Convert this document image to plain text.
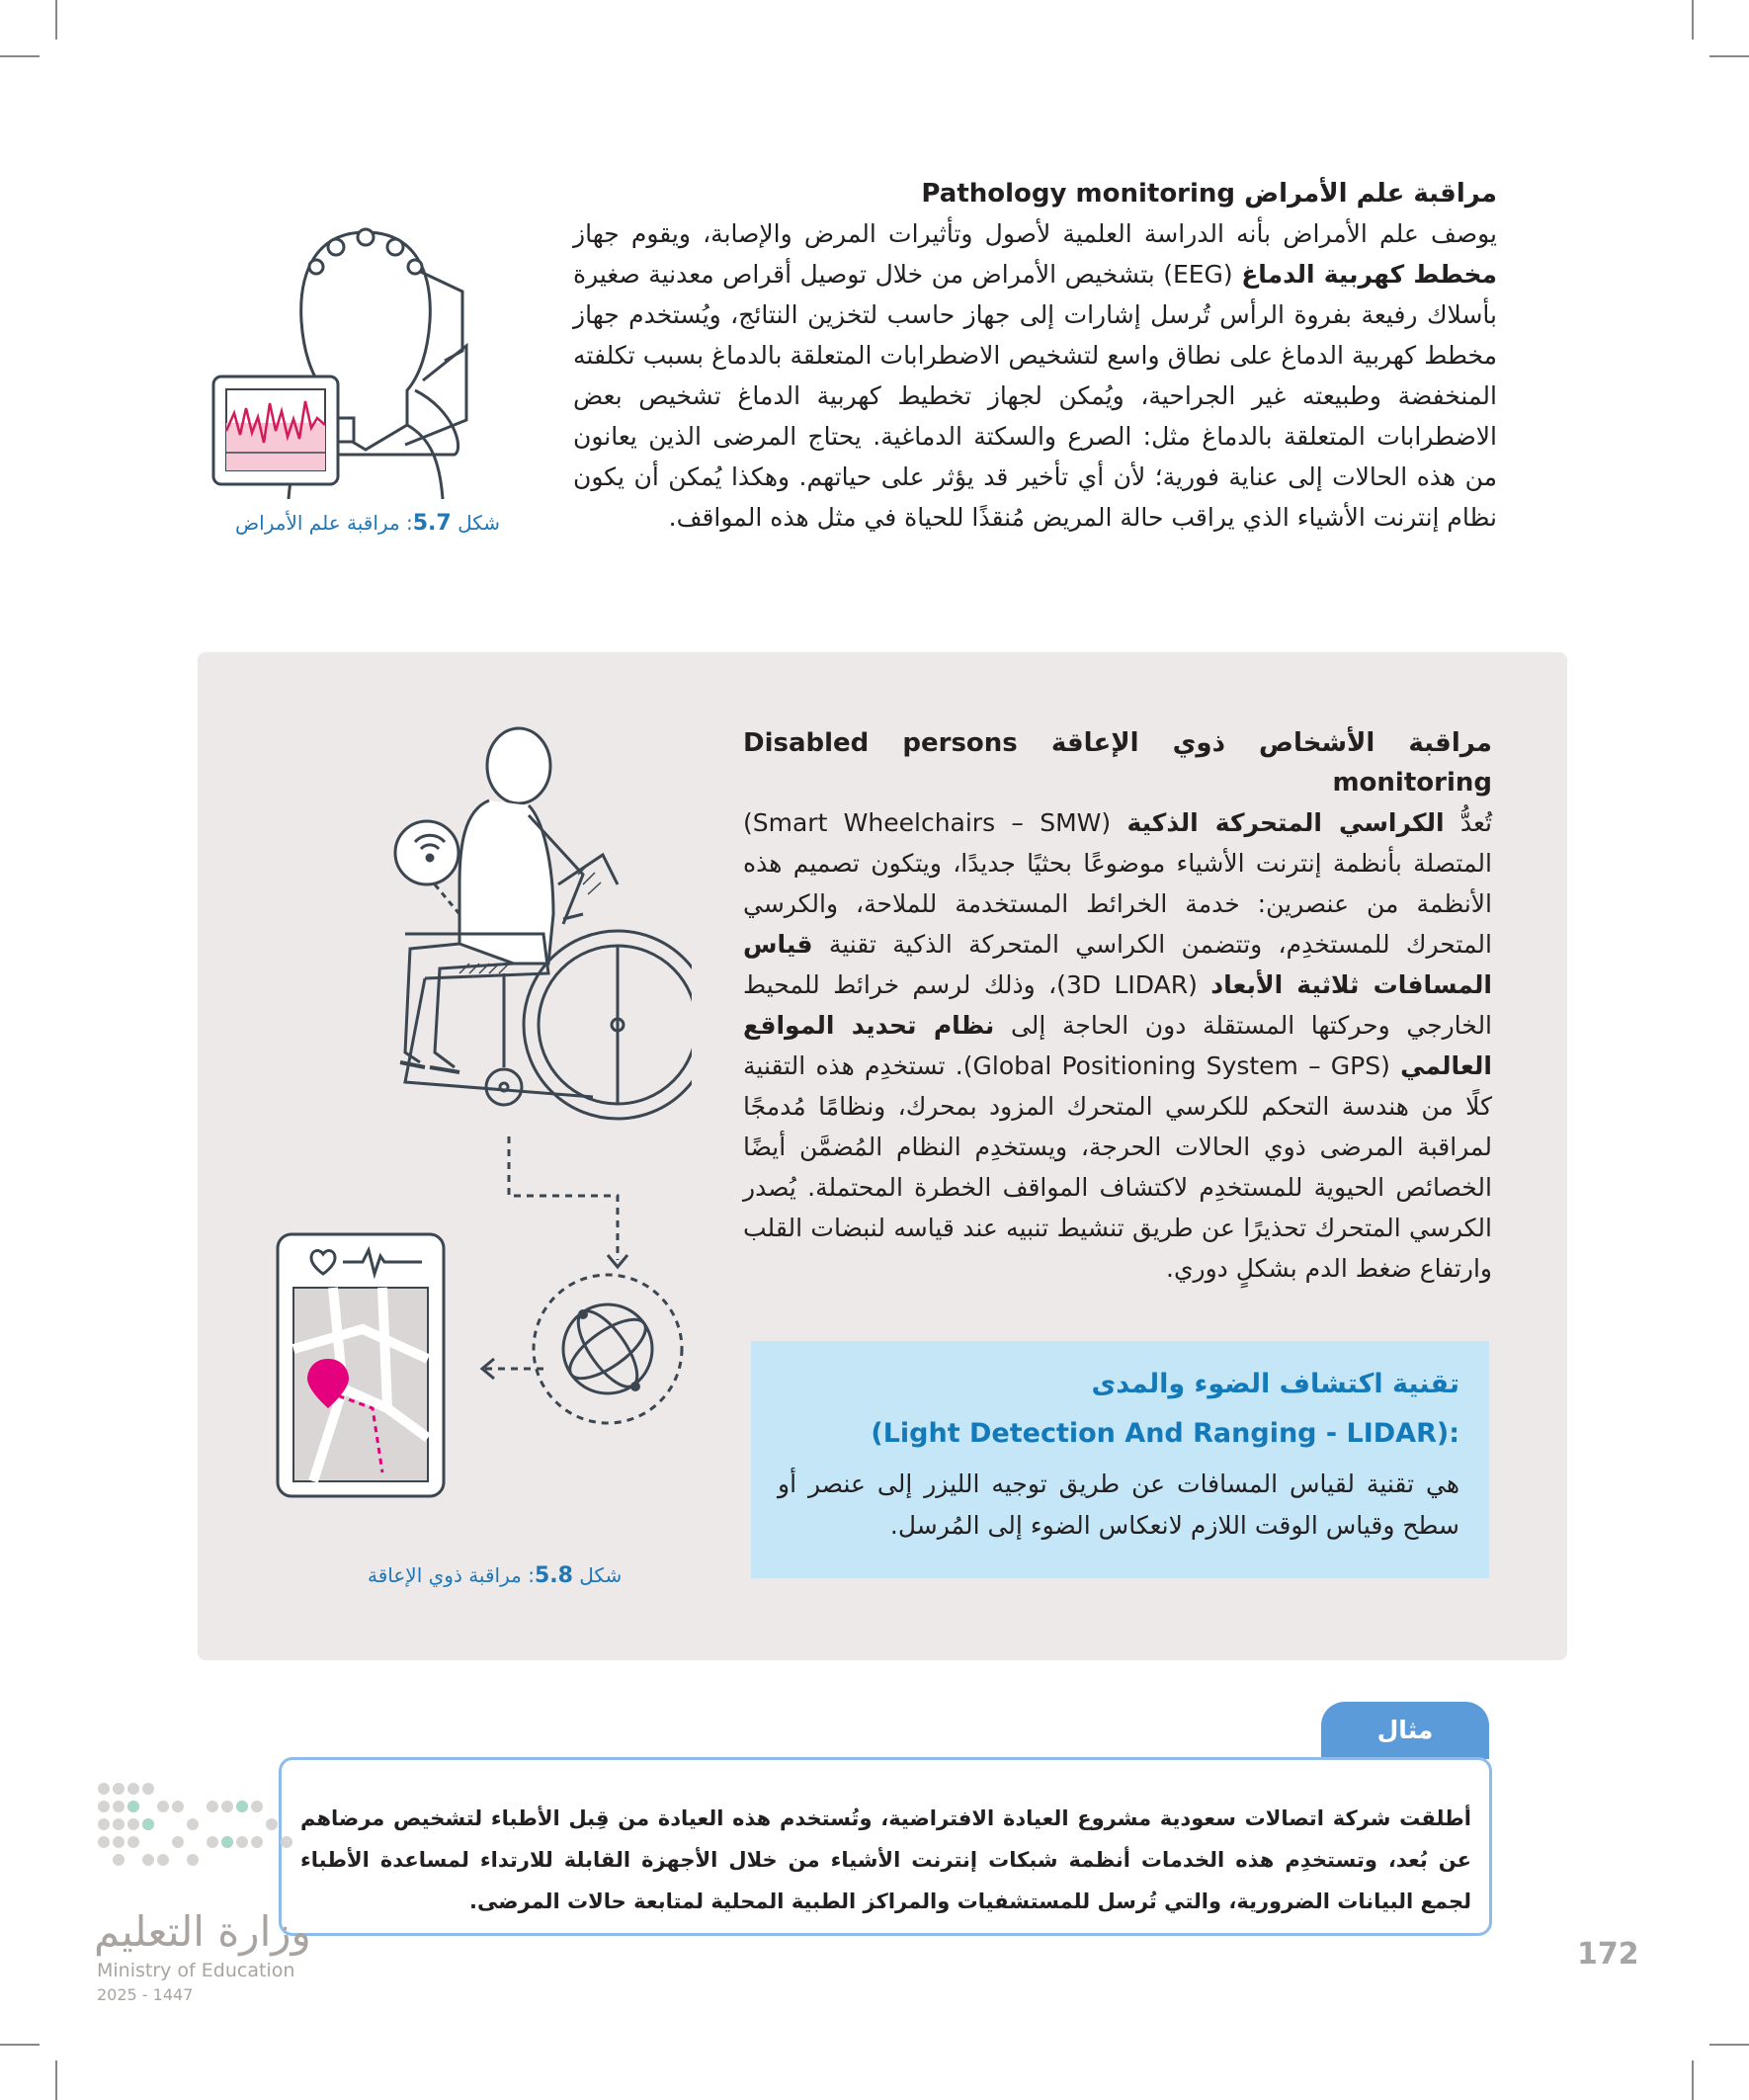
مراقبة علم الأمراض Pathology monitoring
يوصف علم الأمراض بأنه الدراسة العلمية لأصول وتأثيرات المرض والإصابة، ويقوم جهاز مخطط كهربية الدماغ (EEG) بتشخيص الأمراض من خلال توصيل أقراص معدنية صغيرة بأسلاك رفيعة بفروة الرأس تُرسل إشارات إلى جهاز حاسب لتخزين النتائج، ويُستخدم جهاز مخطط كهربية الدماغ على نطاق واسع لتشخيص الاضطرابات المتعلقة بالدماغ بسبب تكلفته المنخفضة وطبيعته غير الجراحية، ويُمكن لجهاز تخطيط كهربية الدماغ تشخيص بعض الاضطرابات المتعلقة بالدماغ مثل: الصرع والسكتة الدماغية. يحتاج المرضى الذين يعانون من هذه الحالات إلى عناية فورية؛ لأن أي تأخير قد يؤثر على حياتهم. وهكذا يُمكن أن يكون نظام إنترنت الأشياء الذي يراقب حالة المريض مُنقذًا للحياة في مثل هذه المواقف.
شكل 5.7: مراقبة علم الأمراض
مراقبة الأشخاص ذوي الإعاقة Disabled persons monitoring
تُعدُّ الكراسي المتحركة الذكية (Smart Wheelchairs – SMW) المتصلة بأنظمة إنترنت الأشياء موضوعًا بحثيًا جديدًا، ويتكون تصميم هذه الأنظمة من عنصرين: خدمة الخرائط المستخدمة للملاحة، والكرسي المتحرك للمستخدِم، وتتضمن الكراسي المتحركة الذكية تقنية قياس المسافات ثلاثية الأبعاد (3D LIDAR)، وذلك لرسم خرائط للمحيط الخارجي وحركتها المستقلة دون الحاجة إلى نظام تحديد المواقع العالمي (Global Positioning System – GPS). تستخدِم هذه التقنية كلًا من هندسة التحكم للكرسي المتحرك المزود بمحرك، ونظامًا مُدمجًا لمراقبة المرضى ذوي الحالات الحرجة، ويستخدِم النظام المُضمَّن أيضًا الخصائص الحيوية للمستخدِم لاكتشاف المواقف الخطرة المحتملة. يُصدر الكرسي المتحرك تحذيرًا عن طريق تنشيط تنبيه عند قياسه لنبضات القلب وارتفاع ضغط الدم بشكلٍ دوري.
شكل 5.8: مراقبة ذوي الإعاقة
تقنية اكتشاف الضوء والمدى
(Light Detection And Ranging - LIDAR):
هي تقنية لقياس المسافات عن طريق توجيه الليزر إلى عنصر أو سطح وقياس الوقت اللازم لانعكاس الضوء إلى المُرسل.
مثال
أطلقت شركة اتصالات سعودية مشروع العيادة الافتراضية، وتُستخدم هذه العيادة من قِبل الأطباء لتشخيص مرضاهم عن بُعد، وتستخدِم هذه الخدمات أنظمة شبكات إنترنت الأشياء من خلال الأجهزة القابلة للارتداء لمساعدة الأطباء لجمع البيانات الضرورية، والتي تُرسل للمستشفيات والمراكز الطبية المحلية لمتابعة حالات المرضى.
وزارة التعليم
Ministry of Education
2025 - 1447
172
